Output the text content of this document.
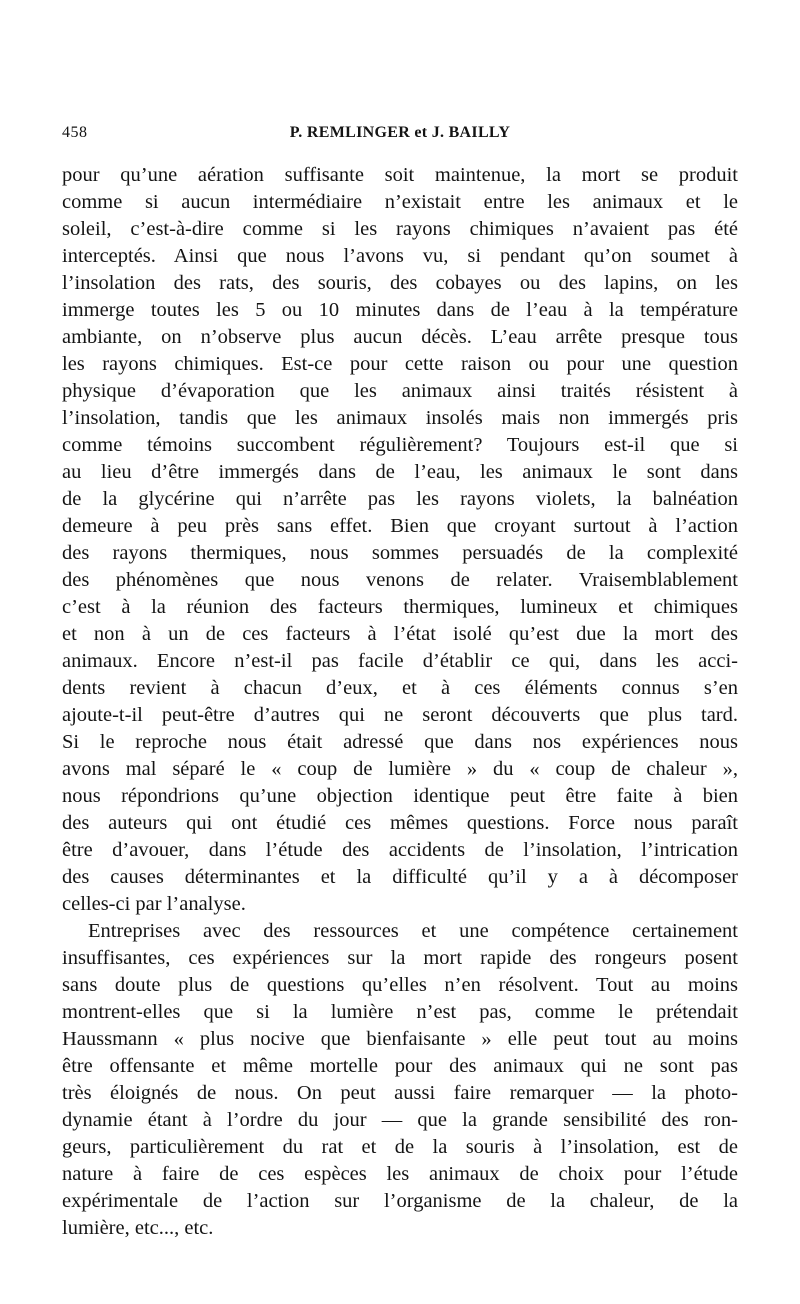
458	P. REMLINGER et J. BAILLY
pour qu’une aération suffisante soit maintenue, la mort se produit
comme si aucun intermédiaire n’existait entre les animaux et le
soleil, c’est-à-dire comme si les rayons chimiques n’avaient pas été
interceptés. Ainsi que nous l’avons vu, si pendant qu’on soumet à
l’insolation des rats, des souris, des cobayes ou des lapins, on les
immerge toutes les 5 ou 10 minutes dans de l’eau à la température
ambiante, on n’observe plus aucun décès. L’eau arrête presque tous
les rayons chimiques. Est-ce pour cette raison ou pour une question
physique d’évaporation que les animaux ainsi traités résistent à
l’insolation, tandis que les animaux insolés mais non immergés pris
comme témoins succombent régulièrement? Toujours est-il que si
au lieu d’être immergés dans de l’eau, les animaux le sont dans
de la glycérine qui n’arrête pas les rayons violets, la balnéation
demeure à peu près sans effet. Bien que croyant surtout à l’action
des rayons thermiques, nous sommes persuadés de la complexité
des phénomènes que nous venons de relater. Vraisemblablement
c’est à la réunion des facteurs thermiques, lumineux et chimiques
et non à un de ces facteurs à l’état isolé qu’est due la mort des
animaux. Encore n’est-il pas facile d’établir ce qui, dans les acci-
dents revient à chacun d’eux, et à ces éléments connus s’en
ajoute-t-il peut-être d’autres qui ne seront découverts que plus tard.
Si le reproche nous était adressé que dans nos expériences nous
avons mal séparé le « coup de lumière » du « coup de chaleur »,
nous répondrions qu’une objection identique peut être faite à bien
des auteurs qui ont étudié ces mêmes questions. Force nous paraît
être d’avouer, dans l’étude des accidents de l’insolation, l’intrication
des causes déterminantes et la difficulté qu’il y a à décomposer
celles-ci par l’analyse.
Entreprises avec des ressources et une compétence certainement
insuffisantes, ces expériences sur la mort rapide des rongeurs posent
sans doute plus de questions qu’elles n’en résolvent. Tout au moins
montrent-elles que si la lumière n’est pas, comme le prétendait
Haussmann « plus nocive que bienfaisante » elle peut tout au moins
être offensante et même mortelle pour des animaux qui ne sont pas
très éloignés de nous. On peut aussi faire remarquer — la photo-
dynamie étant à l’ordre du jour — que la grande sensibilité des ron-
geurs, particulièrement du rat et de la souris à l’insolation, est de
nature à faire de ces espèces les animaux de choix pour l’étude
expérimentale de l’action sur l’organisme de la chaleur, de la
lumière, etc..., etc.
